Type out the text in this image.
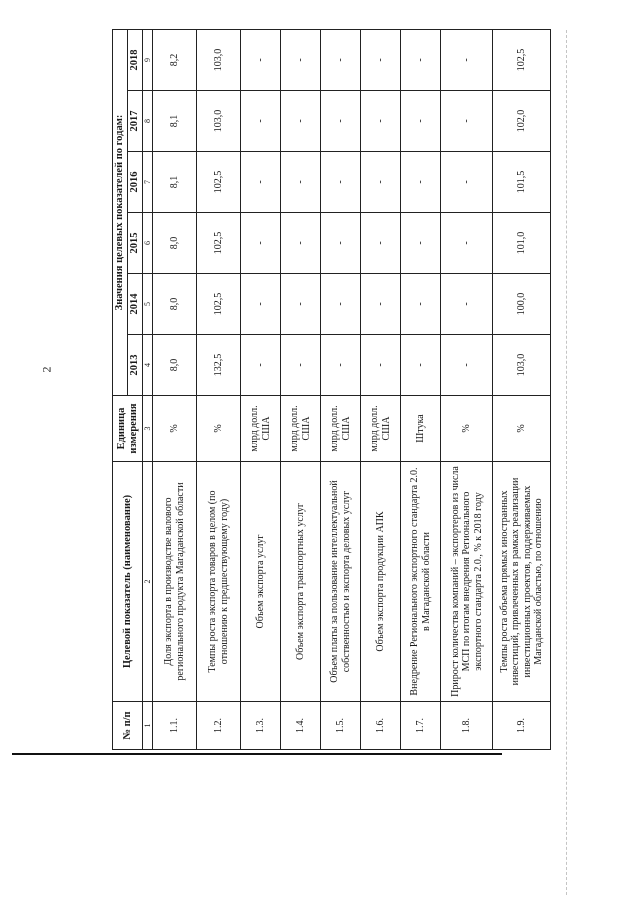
2
№ п/п	Целевой показатель (наименование)	Единица измерения	Значения целевых показателей по годам:					
			2013	2014	2015	2016	2017	2018
1	2	3	4	5	6	7	8	9
1.1.	Доля экспорта в производстве валового регионального продукта Магаданской области	%	8,0	8,0	8,0	8,1	8,1	8,2
1.2.	Темпы роста экспорта товаров в целом (по отношению к предшествующему году)	%	132,5	102,5	102,5	102,5	103,0	103,0
1.3.	Объем экспорта услуг	млрд долл. США	-	-	-	-	-	-
1.4.	Объем экспорта транспортных услуг	млрд долл. США	-	-	-	-	-	-
1.5.	Объем платы за пользование интеллектуальной собственностью и экспорта деловых услуг	млрд долл. США	-	-	-	-	-	-
1.6.	Объем экспорта продукции АПК	млрд долл. США	-	-	-	-	-	-
1.7.	Внедрение Регионального экспортного стандарта 2.0. в Магаданской области	Штука	-	-	-	-	-	-
1.8.	Прирост количества компаний – экспортеров из числа МСП по итогам внедрения Регионального экспортного стандарта 2.0., % к 2018 году	%	-	-	-	-	-	-
1.9.	Темпы роста объема прямых иностранных инвестиций, привлеченных в рамках реализации инвестиционных проектов, поддерживаемых Магаданской областью, по отношению	%	103,0	100,0	101,0	101,5	102,0	102,5
